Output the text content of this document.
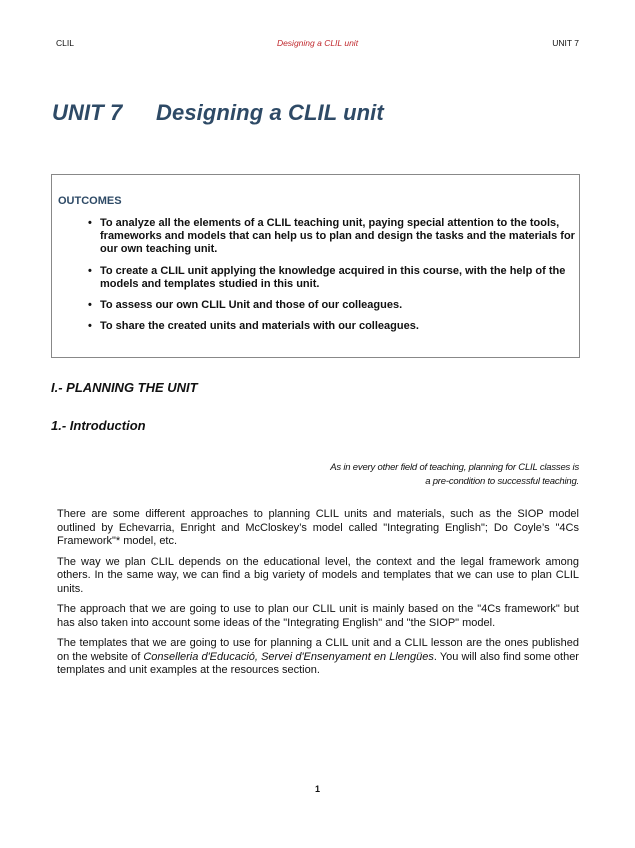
CLIL	Designing a CLIL unit	UNIT 7
UNIT 7 Designing a CLIL unit
OUTCOMES
• To analyze all the elements of a CLIL teaching unit, paying special attention to the tools, frameworks and models that can help us to plan and design the tasks and the materials for our own teaching unit.
• To create a CLIL unit applying the knowledge acquired in this course, with the help of the models and templates studied in this unit.
• To assess our own CLIL Unit and those of our colleagues.
• To share the created units and materials with our colleagues.
I.- PLANNING THE UNIT
1.- Introduction
As in every other field of teaching, planning for CLIL classes is
a pre-condition to successful teaching.

There are some different approaches to planning CLIL units and materials, such as the SIOP model outlined by Echevarria, Enright and McCloskey’s model called "Integrating English"; Do Coyle’s "4Cs Framework"* model, etc.

The way we plan CLIL depends on the educational level, the context and the legal framework among others. In the same way, we can find a big variety of models and templates that we can use to plan CLIL units.

The approach that we are going to use to plan our CLIL unit is mainly based on the "4Cs framework" but has also taken into account some ideas of the "Integrating English" and "the SIOP" model.

The templates that we are going to use for planning a CLIL unit and a CLIL lesson are the ones published on the website of Conselleria d'Educació, Servei d'Ensenyament en Llengües. You will also find some other templates and unit examples at the resources section.

1
